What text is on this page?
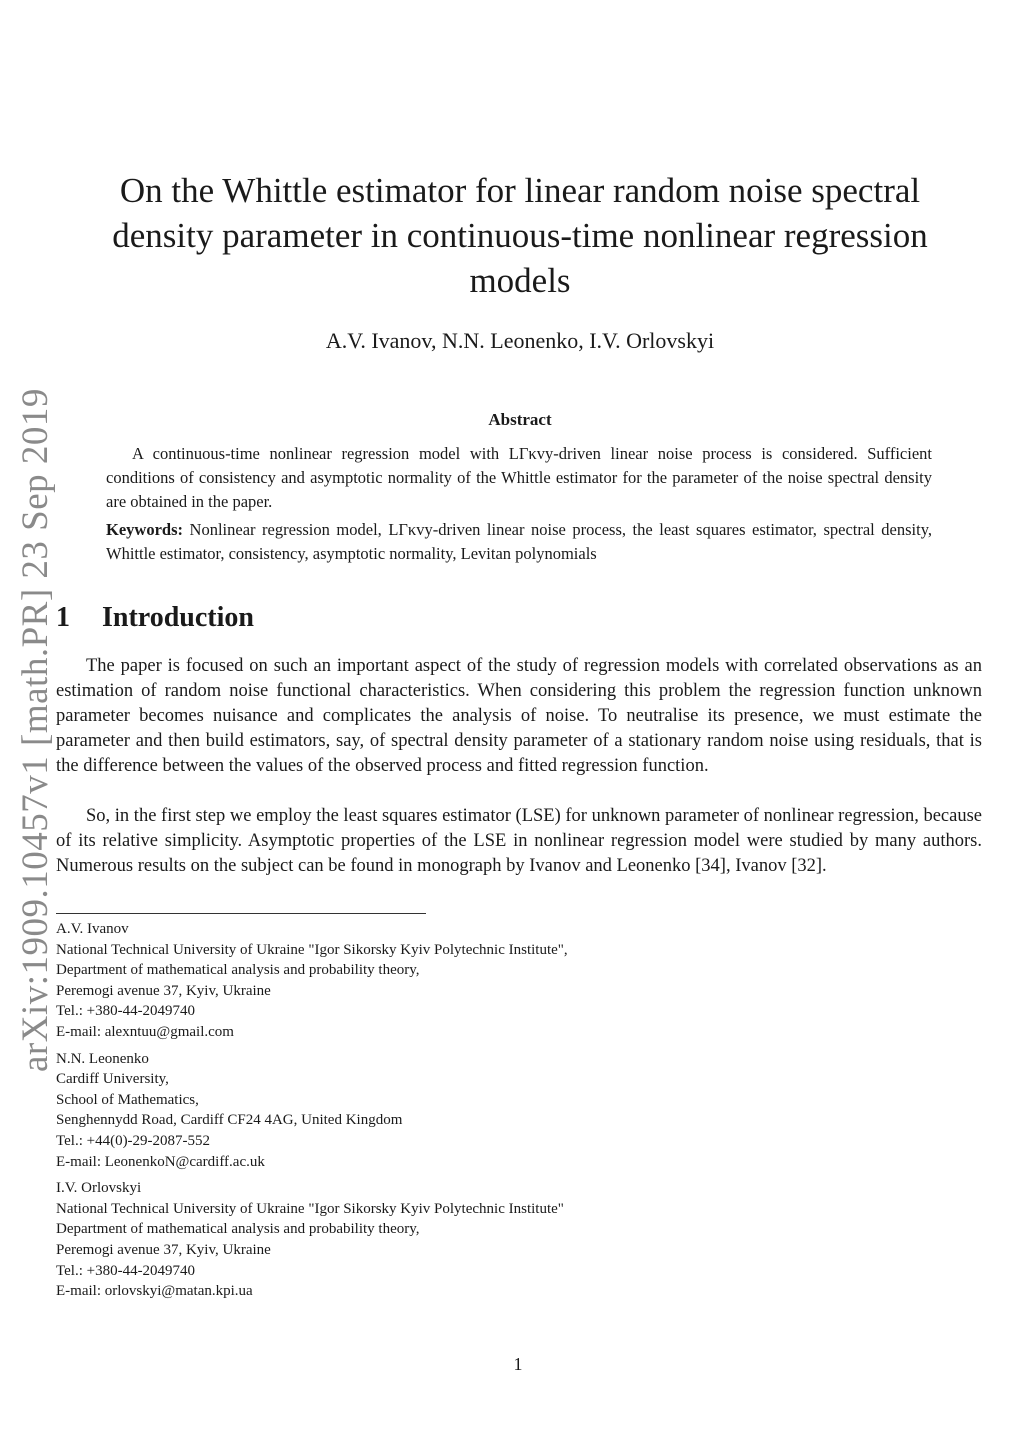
arXiv:1909.10457v1 [math.PR] 23 Sep 2019
On the Whittle estimator for linear random noise spectral density parameter in continuous-time nonlinear regression models
A.V. Ivanov, N.N. Leonenko, I.V. Orlovskyi
Abstract

A continuous-time nonlinear regression model with LΓκvy-driven linear noise process is considered. Sufficient conditions of consistency and asymptotic normality of the Whittle estimator for the parameter of the noise spectral density are obtained in the paper.

Keywords: Nonlinear regression model, LΓκvy-driven linear noise process, the least squares estimator, spectral density, Whittle estimator, consistency, asymptotic normality, Levitan polynomials

1 Introduction

The paper is focused on such an important aspect of the study of regression models with correlated observations as an estimation of random noise functional characteristics. When considering this problem the regression function unknown parameter becomes nuisance and complicates the analysis of noise. To neutralise its presence, we must estimate the parameter and then build estimators, say, of spectral density parameter of a stationary random noise using residuals, that is the difference between the values of the observed process and fitted regression function.

So, in the first step we employ the least squares estimator (LSE) for unknown parameter of nonlinear regression, because of its relative simplicity. Asymptotic properties of the LSE in nonlinear regression model were studied by many authors. Numerous results on the subject can be found in monograph by Ivanov and Leonenko [34], Ivanov [32].

A.V. Ivanov
National Technical University of Ukraine "Igor Sikorsky Kyiv Polytechnic Institute",
Department of mathematical analysis and probability theory,
Peremogi avenue 37, Kyiv, Ukraine
Tel.: +380-44-2049740
E-mail: alexntuu@gmail.com
N.N. Leonenko
Cardiff University,
School of Mathematics,
Senghennydd Road, Cardiff CF24 4AG, United Kingdom
Tel.: +44(0)-29-2087-552
E-mail: LeonenkoN@cardiff.ac.uk
I.V. Orlovskyi
National Technical University of Ukraine "Igor Sikorsky Kyiv Polytechnic Institute"
Department of mathematical analysis and probability theory,
Peremogi avenue 37, Kyiv, Ukraine
Tel.: +380-44-2049740
E-mail: orlovskyi@matan.kpi.ua
1
